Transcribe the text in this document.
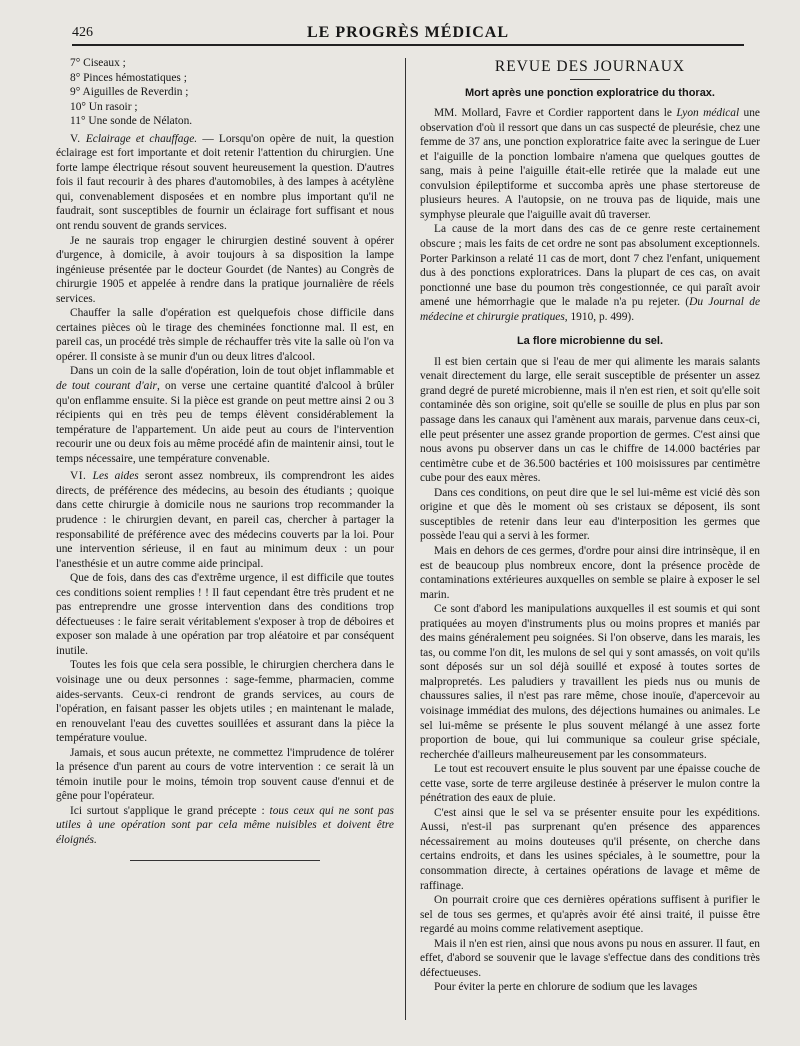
426	LE PROGRÈS MÉDICAL

7° Ciseaux ;

8° Pinces hémostatiques ;

9° Aiguilles de Reverdin ;

10° Un rasoir ;

11° Une sonde de Nélaton.

V. Eclairage et chauffage. — Lorsqu'on opère de nuit, la question éclairage est fort importante et doit retenir l'attention du chirurgien. Une forte lampe électrique résout souvent heureusement la question. D'autres fois il faut recourir à des phares d'automobiles, à des lampes à acétylène qui, convenablement disposées et en nombre plus important qu'il ne faudrait, sont susceptibles de fournir un éclairage fort suffisant et nous ont rendu souvent de grands services.

Je ne saurais trop engager le chirurgien destiné souvent à opérer d'urgence, à domicile, à avoir toujours à sa disposition la lampe ingénieuse présentée par le docteur Gourdet (de Nantes) au Congrès de chirurgie 1905 et appelée à rendre dans la pratique journalière de réels services.

Chauffer la salle d'opération est quelquefois chose difficile dans certaines pièces où le tirage des cheminées fonctionne mal. Il est, en pareil cas, un procédé très simple de réchauffer très vite la salle où l'on va opérer. Il consiste à se munir d'un ou deux litres d'alcool.

Dans un coin de la salle d'opération, loin de tout objet inflammable et de tout courant d'air, on verse une certaine quantité d'alcool à brûler qu'on enflamme ensuite. Si la pièce est grande on peut mettre ainsi 2 ou 3 récipients qui en très peu de temps élèvent considérablement la température de l'appartement. Un aide peut au cours de l'intervention recourir une ou deux fois au même procédé afin de maintenir ainsi, tout le temps nécessaire, une température convenable.

VI. Les aides seront assez nombreux, ils comprendront les aides directs, de préférence des médecins, au besoin des étudiants ; quoique dans cette chirurgie à domicile nous ne saurions trop recommander la prudence : le chirurgien devant, en pareil cas, chercher à partager la responsabilité de préférence avec des médecins couverts par la loi. Pour une intervention sérieuse, il en faut au minimum deux : un pour l'anesthésie et un autre comme aide principal.

Que de fois, dans des cas d'extrême urgence, il est difficile que toutes ces conditions soient remplies ! ! Il faut cependant être très prudent et ne pas entreprendre une grosse intervention dans des conditions trop défectueuses : le faire serait véritablement s'exposer à trop de déboires et exposer son malade à une opération par trop aléatoire et par conséquent inutile.

Toutes les fois que cela sera possible, le chirurgien cherchera dans le voisinage une ou deux personnes : sage-femme, pharmacien, comme aides-servants. Ceux-ci rendront de grands services, au cours de l'opération, en faisant passer les objets utiles ; en maintenant le malade, en renouvelant l'eau des cuvettes souillées et assurant dans la pièce la température voulue.

Jamais, et sous aucun prétexte, ne commettez l'imprudence de tolérer la présence d'un parent au cours de votre intervention : ce serait là un témoin inutile pour le moins, témoin trop souvent cause d'ennui et de gêne pour l'opérateur.

Ici surtout s'applique le grand précepte : tous ceux qui ne sont pas utiles à une opération sont par cela même nuisibles et doivent être éloignés.

REVUE DES JOURNAUX

Mort après une ponction exploratrice du thorax.

MM. Mollard, Favre et Cordier rapportent dans le Lyon médical une observation d'où il ressort que dans un cas suspecté de pleurésie, chez une femme de 37 ans, une ponction exploratrice faite avec la seringue de Luer et l'aiguille de la ponction lombaire n'amena que quelques gouttes de sang, mais à peine l'aiguille était-elle retirée que la malade eut une convulsion épileptiforme et succomba après une phase stertoreuse de plusieurs heures. A l'autopsie, on ne trouva pas de liquide, mais une symphyse pleurale que l'aiguille avait dû traverser.

La cause de la mort dans des cas de ce genre reste certainement obscure ; mais les faits de cet ordre ne sont pas absolument exceptionnels. Porter Parkinson a relaté 11 cas de mort, dont 7 chez l'enfant, uniquement dus à des ponctions exploratrices. Dans la plupart de ces cas, on avait ponctionné une base du poumon très congestionnée, ce qui paraît avoir amené une hémorrhagie que le malade n'a pu rejeter. (Du Journal de médecine et chirurgie pratiques, 1910, p. 499).

La flore microbienne du sel.

Il est bien certain que si l'eau de mer qui alimente les marais salants venait directement du large, elle serait susceptible de présenter un assez grand degré de pureté microbienne, mais il n'en est rien, et soit qu'elle soit contaminée dès son origine, soit qu'elle se souille de plus en plus par son passage dans les canaux qui l'amènent aux marais, parvenue dans ceux-ci, elle peut présenter une assez grande proportion de germes. C'est ainsi que nous avons pu observer dans un cas le chiffre de 14.000 bactéries par centimètre cube et de 36.500 bactéries et 100 moisissures par centimètre cube pour des eaux mères.

Dans ces conditions, on peut dire que le sel lui-même est vicié dès son origine et que dès le moment où ses cristaux se déposent, ils sont susceptibles de retenir dans leur eau d'interposition les germes que possède l'eau qui a servi à les former.

Mais en dehors de ces germes, d'ordre pour ainsi dire intrinsèque, il en est de beaucoup plus nombreux encore, dont la présence procède de contaminations extérieures auxquelles on semble se plaire à exposer le sel marin.

Ce sont d'abord les manipulations auxquelles il est soumis et qui sont pratiquées au moyen d'instruments plus ou moins propres et maniés par des mains généralement peu soignées. Si l'on observe, dans les marais, les tas, ou comme l'on dit, les mulons de sel qui y sont amassés, on voit qu'ils sont déposés sur un sol déjà souillé et exposé à toutes sortes de malpropretés. Les paludiers y travaillent les pieds nus ou munis de chaussures salies, il n'est pas rare même, chose inouïe, d'apercevoir au voisinage immédiat des mulons, des déjections humaines ou animales. Le sel lui-même se présente le plus souvent mélangé à une assez forte proportion de boue, qui lui communique sa couleur grise spéciale, recherchée d'ailleurs malheureusement par les consommateurs.

Le tout est recouvert ensuite le plus souvent par une épaisse couche de cette vase, sorte de terre argileuse destinée à préserver le mulon contre la pénétration des eaux de pluie.

C'est ainsi que le sel va se présenter ensuite pour les expéditions. Aussi, n'est-il pas surprenant qu'en présence des apparences nécessairement au moins douteuses qu'il présente, on cherche dans certains endroits, et dans les usines spéciales, à le soumettre, pour la consommation directe, à certaines opérations de lavage et même de raffinage.

On pourrait croire que ces dernières opérations suffisent à purifier le sel de tous ses germes, et qu'après avoir été ainsi traité, il puisse être regardé au moins comme relativement aseptique.

Mais il n'en est rien, ainsi que nous avons pu nous en assurer. Il faut, en effet, d'abord se souvenir que le lavage s'effectue dans des conditions très défectueuses.

Pour éviter la perte en chlorure de sodium que les lavages
